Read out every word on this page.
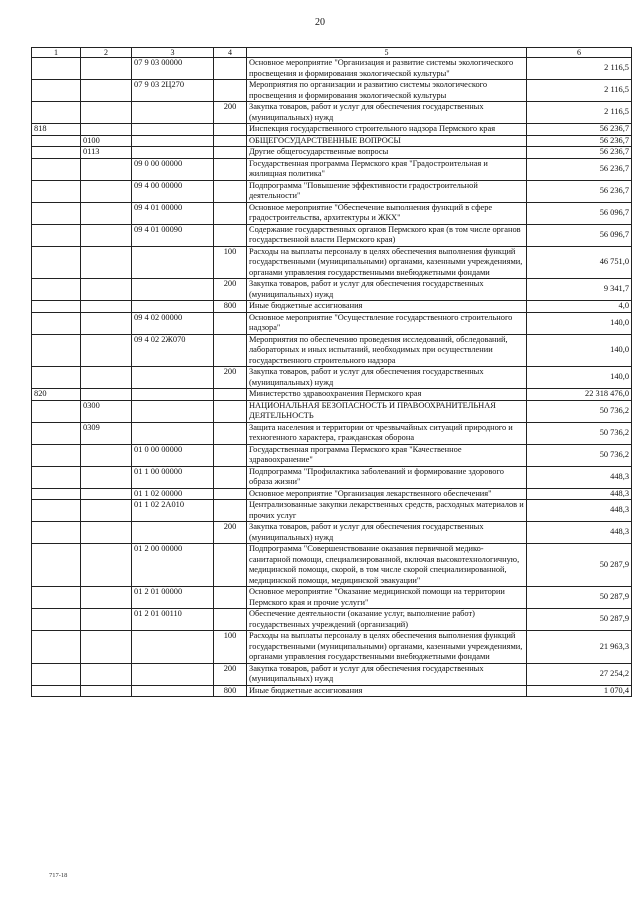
20
1	2	3	4	5	6
		07 9 03 00000		Основное мероприятие "Организация и развитие системы экологического просвещения и формирования экологической культуры"	2 116,5
		07 9 03 2Ц270		Мероприятия по организации и развитию системы экологического просвещения и формирования экологической культуры	2 116,5
			200	Закупка товаров, работ и услуг для обеспечения государственных (муниципальных) нужд	2 116,5
818				Инспекция государственного строительного надзора Пермского края	56 236,7
	0100			ОБЩЕГОСУДАРСТВЕННЫЕ ВОПРОСЫ	56 236,7
	0113			Другие общегосударственные вопросы	56 236,7
		09 0 00 00000		Государственная программа Пермского края "Градостроительная и жилищная политика"	56 236,7
		09 4 00 00000		Подпрограмма "Повышение эффективности градостроительной деятельности"	56 236,7
		09 4 01 00000		Основное мероприятие "Обеспечение выполнения функций в сфере градостроительства, архитектуры и ЖКХ"	56 096,7
		09 4 01 00090		Содержание государственных органов Пермского края (в том числе органов государственной власти Пермского края)	56 096,7
			100	Расходы на выплаты персоналу в целях обеспечения выполнения функций государственными (муниципальными) органами, казенными учреждениями, органами управления государственными внебюджетными фондами	46 751,0
			200	Закупка товаров, работ и услуг для обеспечения государственных (муниципальных) нужд	9 341,7
			800	Иные бюджетные ассигнования	4,0
		09 4 02 00000		Основное мероприятие "Осуществление государственного строительного надзора"	140,0
		09 4 02 2Ж070		Мероприятия по обеспечению проведения исследований, обследований, лабораторных и иных испытаний, необходимых при осуществлении государственного строительного надзора	140,0
			200	Закупка товаров, работ и услуг для обеспечения государственных (муниципальных) нужд	140,0
820				Министерство здравоохранения Пермского края	22 318 476,0
	0300			НАЦИОНАЛЬНАЯ БЕЗОПАСНОСТЬ И ПРАВООХРАНИТЕЛЬНАЯ ДЕЯТЕЛЬНОСТЬ	50 736,2
	0309			Защита населения и территории от чрезвычайных ситуаций природного и техногенного характера, гражданская оборона	50 736,2
		01 0 00 00000		Государственная программа Пермского края "Качественное здравоохранение"	50 736,2
		01 1 00 00000		Подпрограмма "Профилактика заболеваний и формирование здорового образа жизни"	448,3
		01 1 02 00000		Основное мероприятие "Организация лекарственного обеспечения"	448,3
		01 1 02 2А010		Централизованные закупки лекарственных средств, расходных материалов и прочих услуг	448,3
			200	Закупка товаров, работ и услуг для обеспечения государственных (муниципальных) нужд	448,3
		01 2 00 00000		Подпрограмма "Совершенствование оказания первичной медико-санитарной помощи, специализированной, включая высокотехнологичную, медицинской помощи, скорой, в том числе скорой специализированной, медицинской помощи, медицинской эвакуации"	50 287,9
		01 2 01 00000		Основное мероприятие "Оказание медицинской помощи на территории Пермского края и прочие услуги"	50 287,9
		01 2 01 00110		Обеспечение деятельности (оказание услуг, выполнение работ) государственных учреждений (организаций)	50 287,9
			100	Расходы на выплаты персоналу в целях обеспечения выполнения функций государственными (муниципальными) органами, казенными учреждениями, органами управления государственными внебюджетными фондами	21 963,3
			200	Закупка товаров, работ и услуг для обеспечения государственных (муниципальных) нужд	27 254,2
			800	Иные бюджетные ассигнования	1 070,4
717-18
